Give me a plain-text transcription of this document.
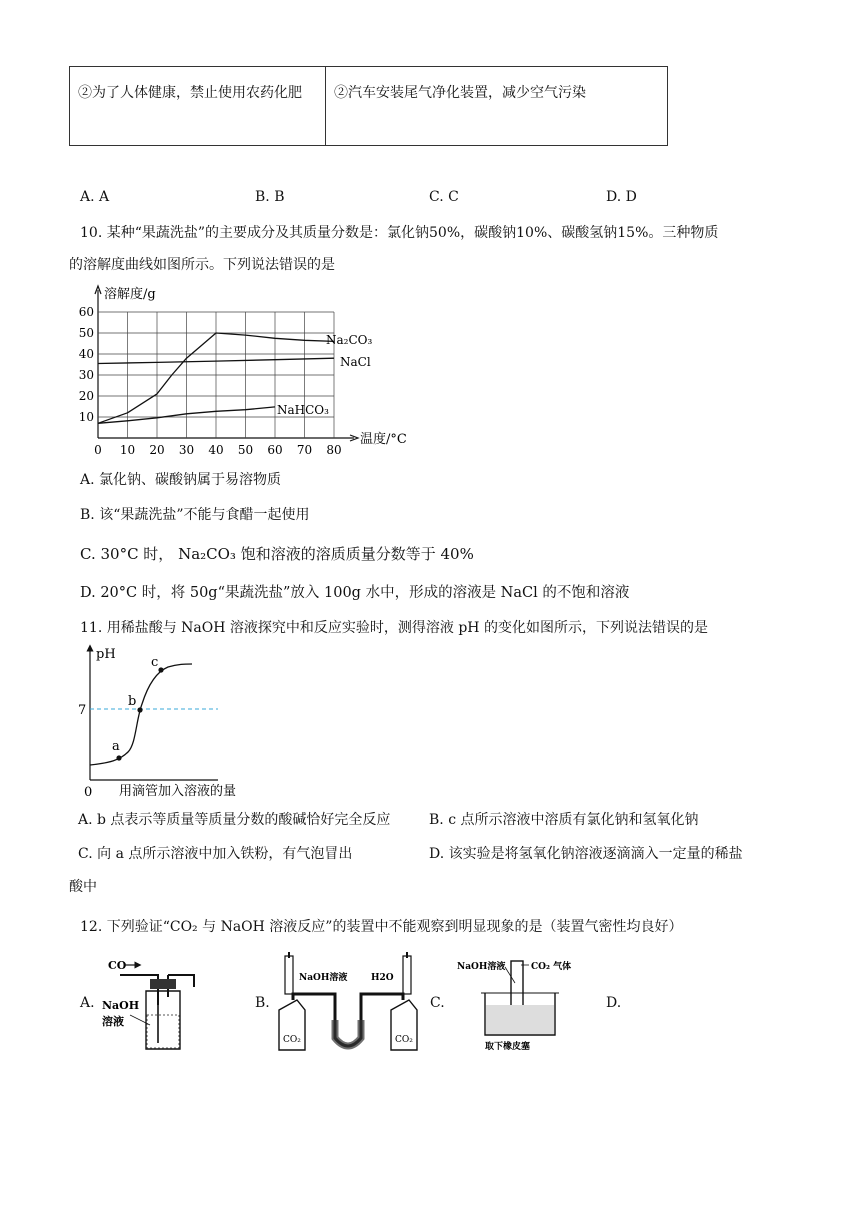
②为了人体健康，禁止使用农药化肥	②汽车安装尾气净化装置，减少空气污染
A. A	B. B	C. C	D. D
10. 某种“果蔬洗盐”的主要成分及其质量分数是：氯化钠50%，碳酸钠10%、碳酸氢钠15%。三种物质
的溶解度曲线如图所示。下列说法错误的是
0 10 20 30 40 50 60 70 80
10
20
30
40
50
60
溶解度/g
温度/°C
Na₂CO₃
NaCl
NaHCO₃
A. 氯化钠、碳酸钠属于易溶物质
B. 该“果蔬洗盐”不能与食醋一起使用
C. 30°C 时， Na₂CO₃ 饱和溶液的溶质质量分数等于 40%
D. 20°C 时，将 50g“果蔬洗盐”放入 100g 水中，形成的溶液是 NaCl 的不饱和溶液
11. 用稀盐酸与 NaOH 溶液探究中和反应实验时，测得溶液 pH 的变化如图所示，下列说法错误的是
pH
7
0 用滴管加入溶液的量
a
b
c
A. b 点表示等质量等质量分数的酸碱恰好完全反应	B. c 点所示溶液中溶质有氯化钠和氢氧化钠
C. 向 a 点所示溶液中加入铁粉，有气泡冒出	D. 该实验是将氢氧化钠溶液逐滴滴入一定量的稀盐
酸中
12. 下列验证“CO₂ 与 NaOH 溶液反应”的装置中不能观察到明显现象的是（装置气密性均良好）
A.	B.	C.	D.
CO
NaOH
溶液
NaOH溶液	H2O
CO₂	CO₂
NaOH溶液	CO₂ 气体
取下橡皮塞
